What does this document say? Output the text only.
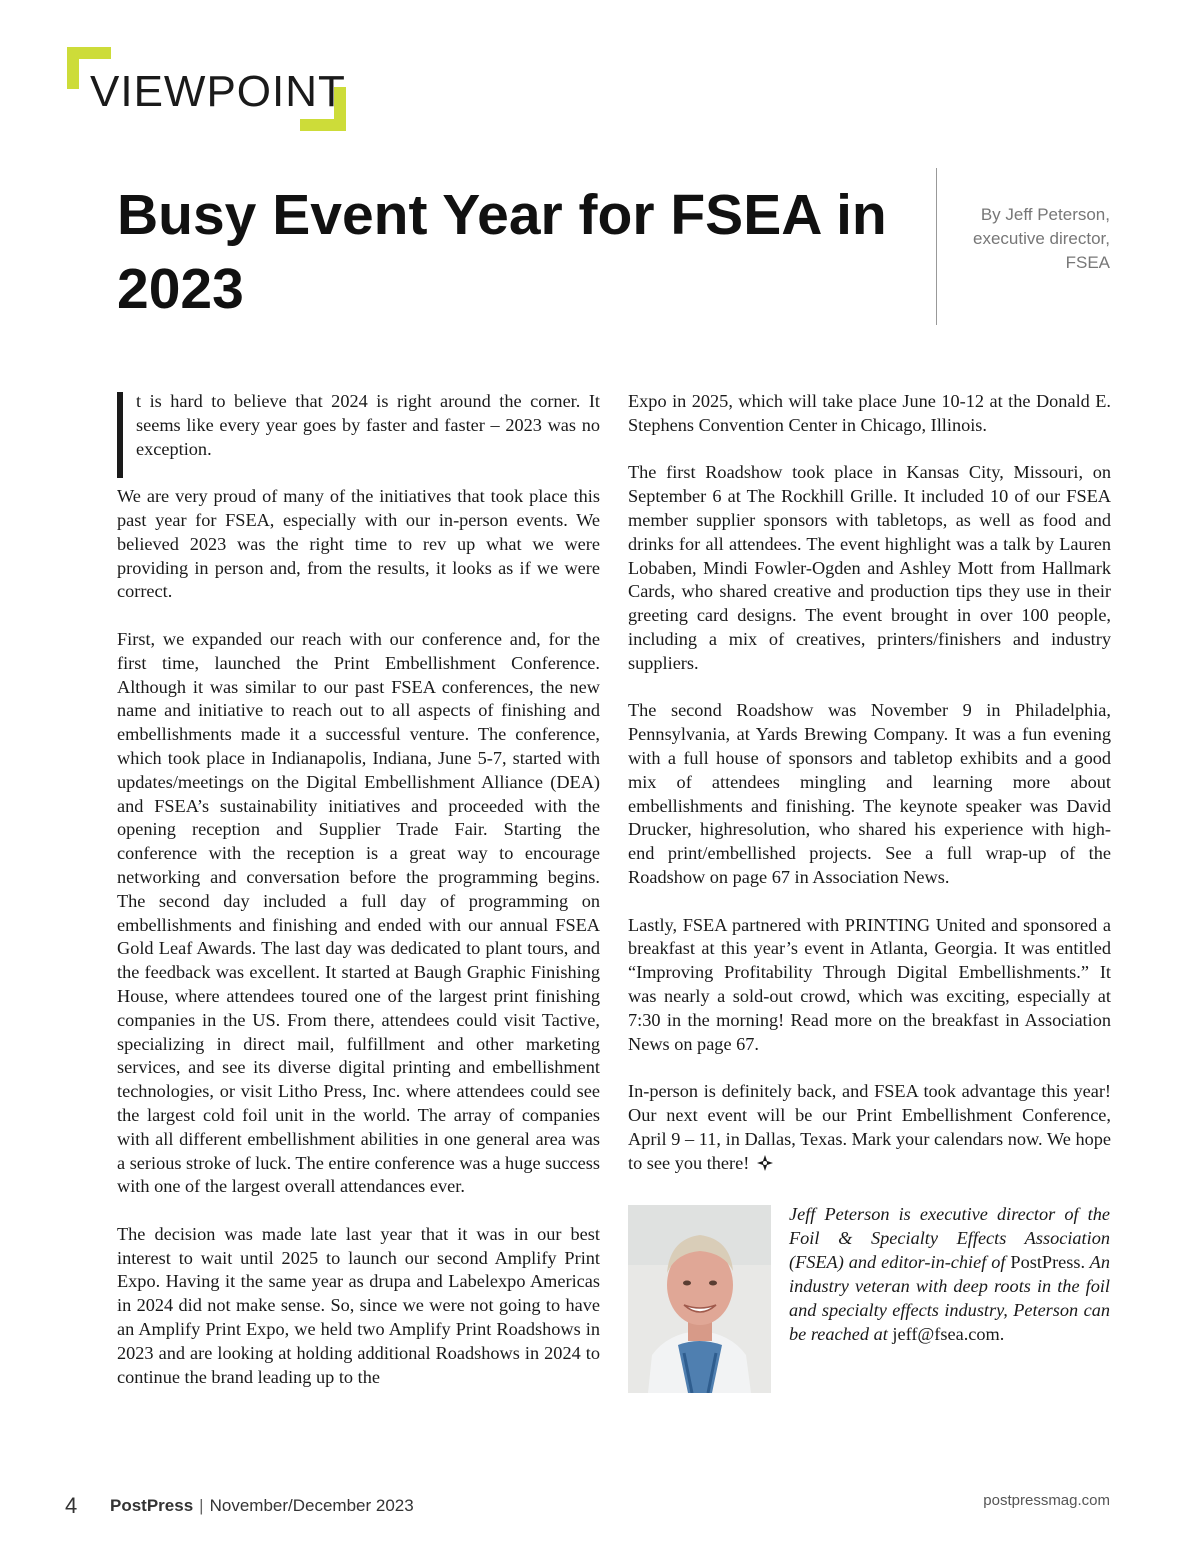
VIEWPOINT
Busy Event Year for FSEA in 2023
By Jeff Peterson,
executive director,
FSEA

t is hard to believe that 2024 is right around the corner. It seems like every year goes by faster and faster – 2023 was no exception.

We are very proud of many of the initiatives that took place this past year for FSEA, especially with our in-person events. We believed 2023 was the right time to rev up what we were providing in person and, from the results, it looks as if we were correct.

First, we expanded our reach with our conference and, for the first time, launched the Print Embellishment Conference. Although it was similar to our past FSEA conferences, the new name and initiative to reach out to all aspects of finishing and embellishments made it a successful venture. The conference, which took place in Indianapolis, Indiana, June 5-7, started with updates/meetings on the Digital Embellishment Alliance (DEA) and FSEA’s sustainability initiatives and proceeded with the opening reception and Supplier Trade Fair. Starting the conference with the reception is a great way to encourage networking and conversation before the programming begins. The second day included a full day of programming on embellishments and finishing and ended with our annual FSEA Gold Leaf Awards. The last day was dedicated to plant tours, and the feedback was excellent. It started at Baugh Graphic Finishing House, where attendees toured one of the largest print finishing companies in the US. From there, attendees could visit Tactive, specializing in direct mail, fulfillment and other marketing services, and see its diverse digital printing and embellishment technologies, or visit Litho Press, Inc. where attendees could see the largest cold foil unit in the world. The array of companies with all different embellishment abilities in one general area was a serious stroke of luck. The entire conference was a huge success with one of the largest overall attendances ever.

The decision was made late last year that it was in our best interest to wait until 2025 to launch our second Amplify Print Expo. Having it the same year as drupa and Labelexpo Americas in 2024 did not make sense. So, since we were not going to have an Amplify Print Expo, we held two Amplify Print Roadshows in 2023 and are looking at holding additional Roadshows in 2024 to continue the brand leading up to the

Expo in 2025, which will take place June 10-12 at the Donald E. Stephens Convention Center in Chicago, Illinois.

The first Roadshow took place in Kansas City, Missouri, on September 6 at The Rockhill Grille. It included 10 of our FSEA member supplier sponsors with tabletops, as well as food and drinks for all attendees. The event highlight was a talk by Lauren Lobaben, Mindi Fowler-Ogden and Ashley Mott from Hallmark Cards, who shared creative and production tips they use in their greeting card designs. The event brought in over 100 people, including a mix of creatives, printers/finishers and industry suppliers.

The second Roadshow was November 9 in Philadelphia, Pennsylvania, at Yards Brewing Company. It was a fun evening with a full house of sponsors and tabletop exhibits and a good mix of attendees mingling and learning more about embellishments and finishing. The keynote speaker was David Drucker, highresolution, who shared his experience with high-end print/embellished projects. See a full wrap-up of the Roadshow on page 67 in Association News.

Lastly, FSEA partnered with PRINTING United and sponsored a breakfast at this year’s event in Atlanta, Georgia. It was entitled “Improving Profitability Through Digital Embellishments.” It was nearly a sold-out crowd, which was exciting, especially at 7:30 in the morning! Read more on the breakfast in Association News on page 67.

In-person is definitely back, and FSEA took advantage this year! Our next event will be our Print Embellishment Conference, April 9 – 11, in Dallas, Texas. Mark your calendars now. We hope to see you there!

Jeff Peterson is executive director of the Foil & Specialty Effects Association (FSEA) and editor-in-chief of PostPress. An industry veteran with deep roots in the foil and specialty effects industry, Peterson can be reached at jeff@fsea.com.
4 PostPress | November/December 2023	postpressmag.com
